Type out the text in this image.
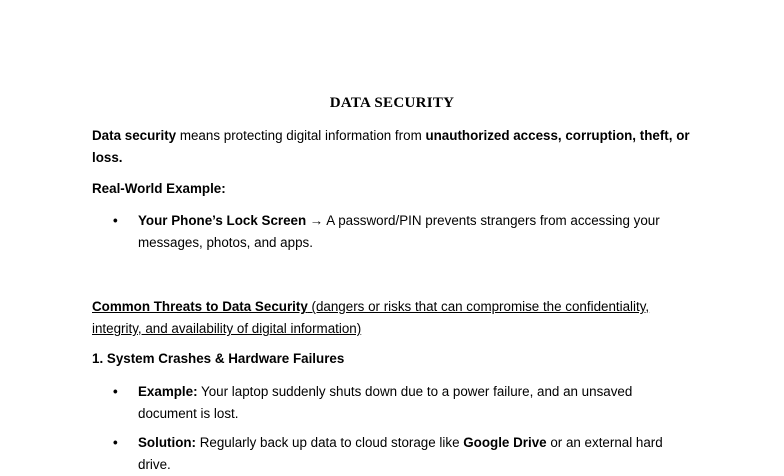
DATA SECURITY
Data security means protecting digital information from unauthorized access, corruption, theft, or loss.
Real-World Example:
•	Your Phone’s Lock Screen → A password/PIN prevents strangers from accessing your messages, photos, and apps.
Common Threats to Data Security (dangers or risks that can compromise the confidentiality, integrity, and availability of digital information)
1. System Crashes & Hardware Failures
•	Example: Your laptop suddenly shuts down due to a power failure, and an unsaved document is lost.
•	Solution: Regularly back up data to cloud storage like Google Drive or an external hard drive.
